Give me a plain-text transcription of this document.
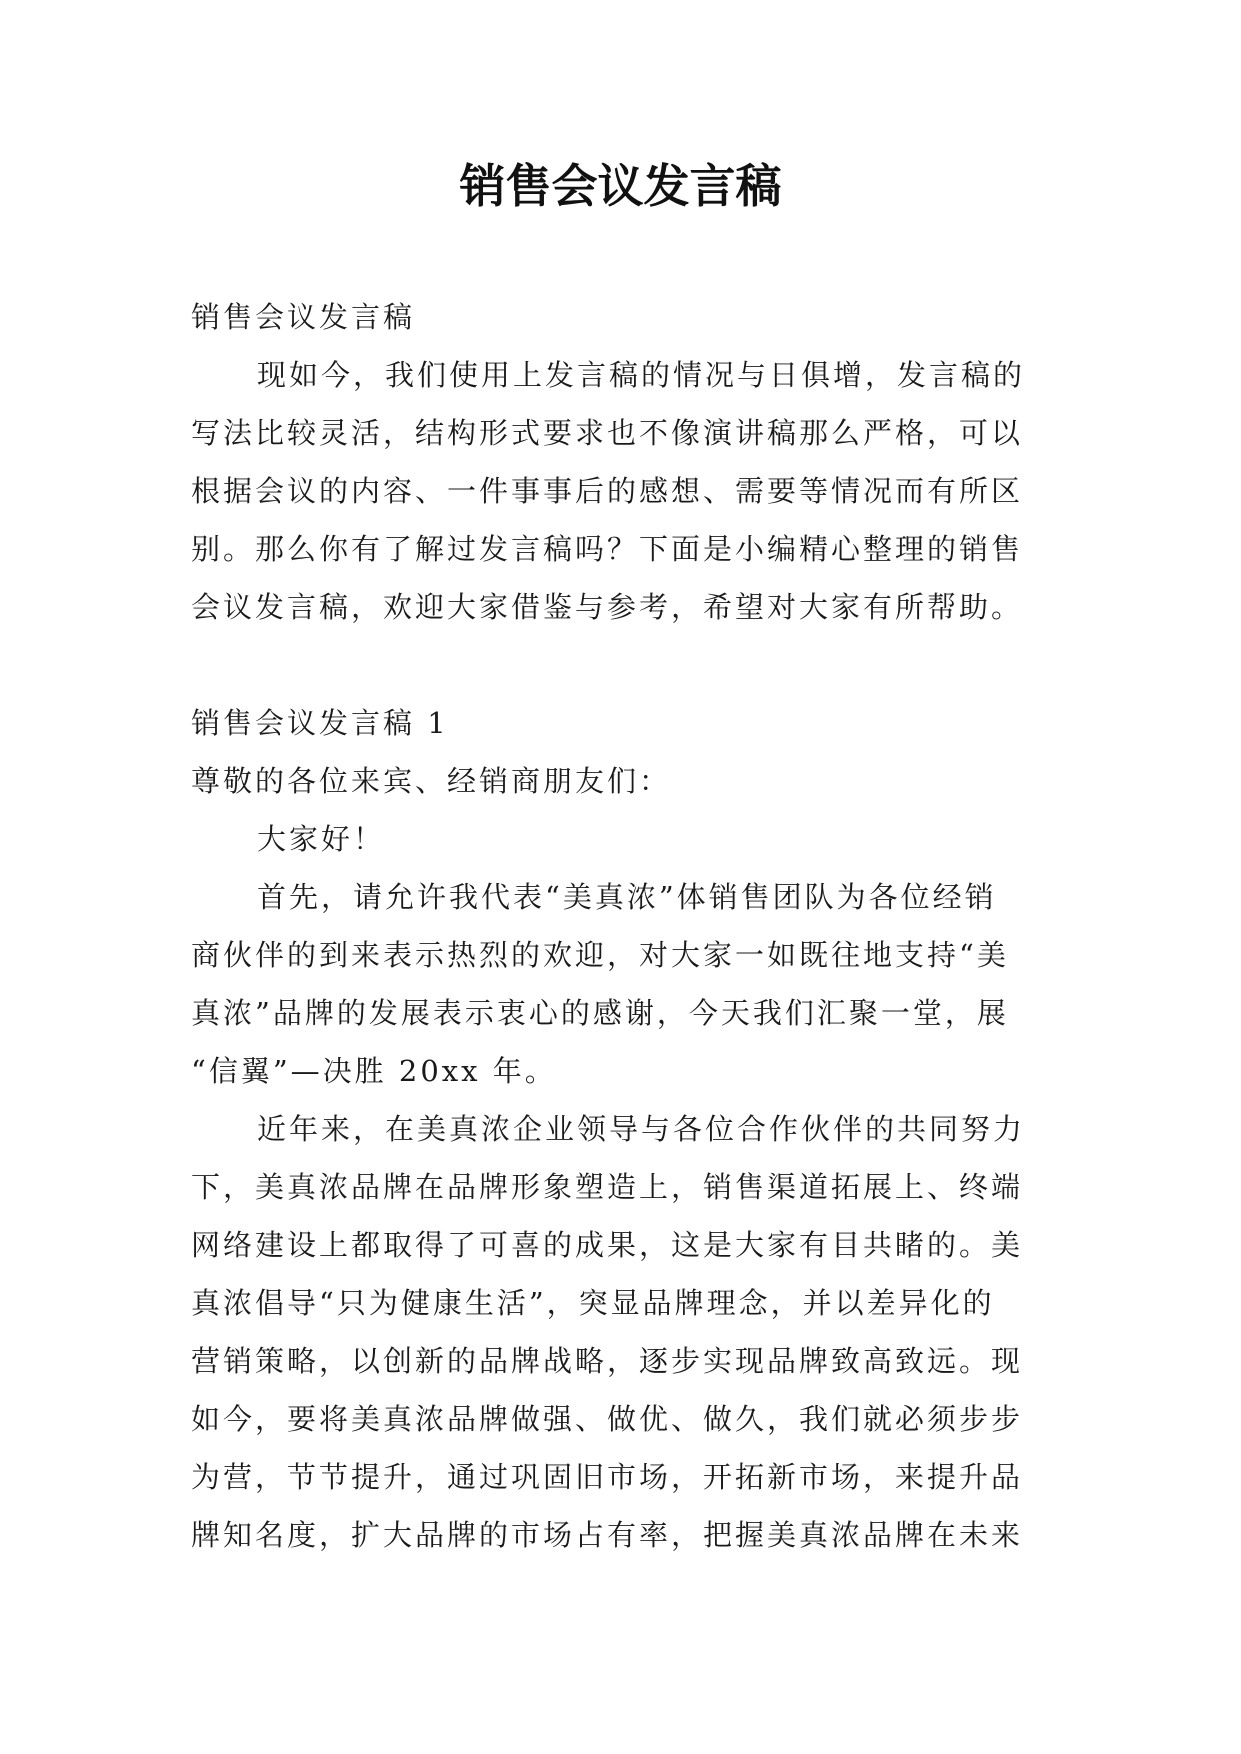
销售会议发言稿

销售会议发言稿

现如今，我们使用上发言稿的情况与日俱增，发言稿的

写法比较灵活，结构形式要求也不像演讲稿那么严格，可以

根据会议的内容、一件事事后的感想、需要等情况而有所区

别。那么你有了解过发言稿吗？下面是小编精心整理的销售

会议发言稿，欢迎大家借鉴与参考，希望对大家有所帮助。

销售会议发言稿 1

尊敬的各位来宾、经销商朋友们：

大家好！

首先，请允许我代表“美真浓”体销售团队为各位经销

商伙伴的到来表示热烈的欢迎，对大家一如既往地支持“美

真浓”品牌的发展表示衷心的感谢，今天我们汇聚一堂，展

“信翼”—决胜 20xx 年。

近年来，在美真浓企业领导与各位合作伙伴的共同努力

下，美真浓品牌在品牌形象塑造上，销售渠道拓展上、终端

网络建设上都取得了可喜的成果，这是大家有目共睹的。美

真浓倡导“只为健康生活”，突显品牌理念，并以差异化的

营销策略，以创新的品牌战略，逐步实现品牌致高致远。现

如今，要将美真浓品牌做强、做优、做久，我们就必须步步

为营，节节提升，通过巩固旧市场，开拓新市场，来提升品

牌知名度，扩大品牌的市场占有率，把握美真浓品牌在未来
